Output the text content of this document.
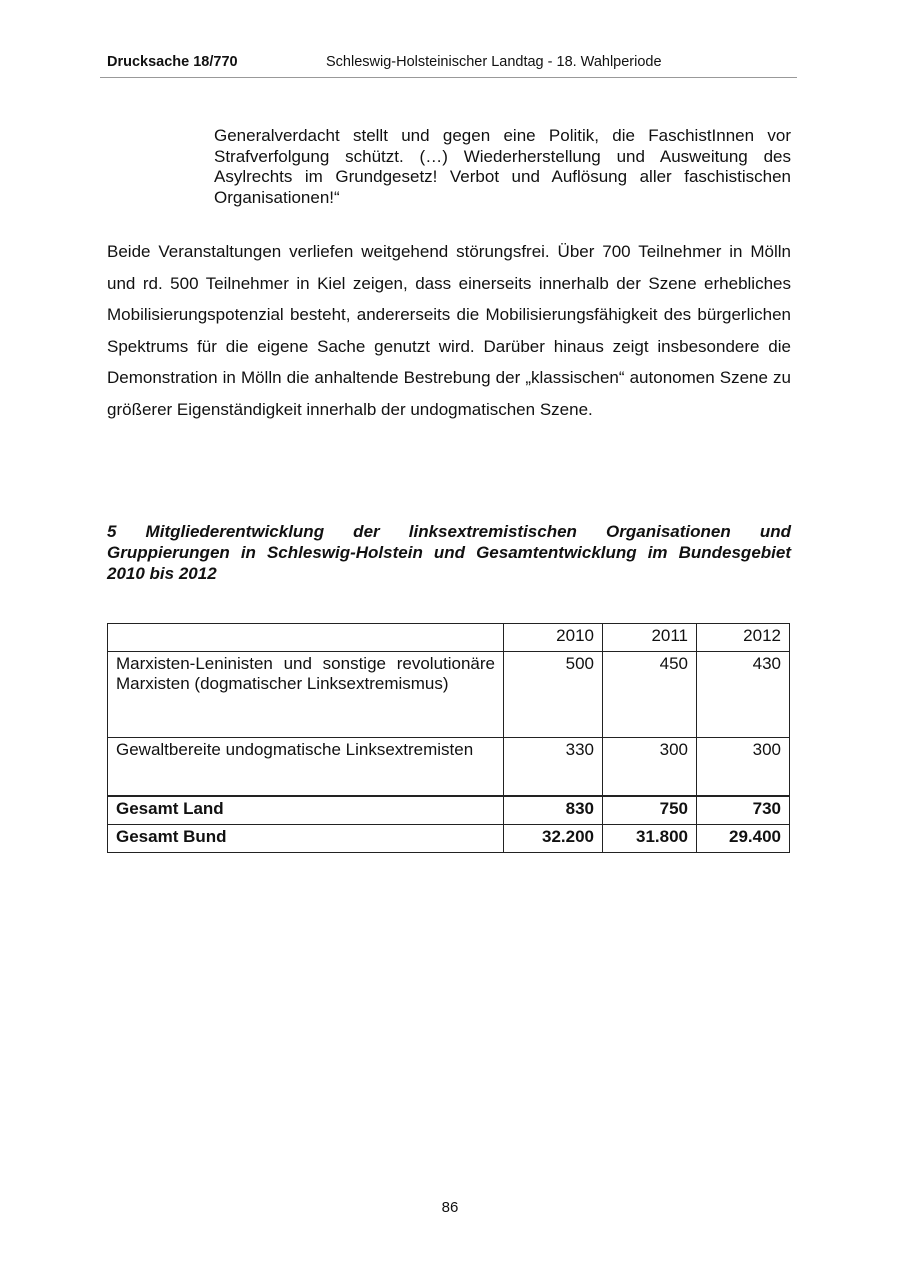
Drucksache 18/770	Schleswig-Holsteinischer Landtag - 18. Wahlperiode
Generalverdacht stellt und gegen eine Politik, die FaschistInnen vor Strafverfolgung schützt. (…) Wiederherstellung und Ausweitung des Asylrechts im Grundgesetz! Verbot und Auflösung aller faschistischen Organisationen!“
Beide Veranstaltungen verliefen weitgehend störungsfrei. Über 700 Teilnehmer in Mölln und rd. 500 Teilnehmer in Kiel zeigen, dass einerseits innerhalb der Szene erhebliches Mobilisierungspotenzial besteht, andererseits die Mobilisierungsfähigkeit des bürgerlichen Spektrums für die eigene Sache genutzt wird. Darüber hinaus zeigt insbesondere die Demonstration in Mölln die anhaltende Bestrebung der „klassischen“ autonomen Szene zu größerer Eigenständigkeit innerhalb der undogmatischen Szene.
5 Mitgliederentwicklung der linksextremistischen Organisationen und Gruppierungen in Schleswig-Holstein und Gesamtentwicklung im Bundesgebiet 2010 bis 2012
	2010	2011	2012
Marxisten-Leninisten und sonstige revolutionäre Marxisten (dogmatischer Linksextremismus)	500	450	430
Gewaltbereite undogmatische Linksextremisten	330	300	300
Gesamt Land	830	750	730
Gesamt Bund	32.200	31.800	29.400
86
